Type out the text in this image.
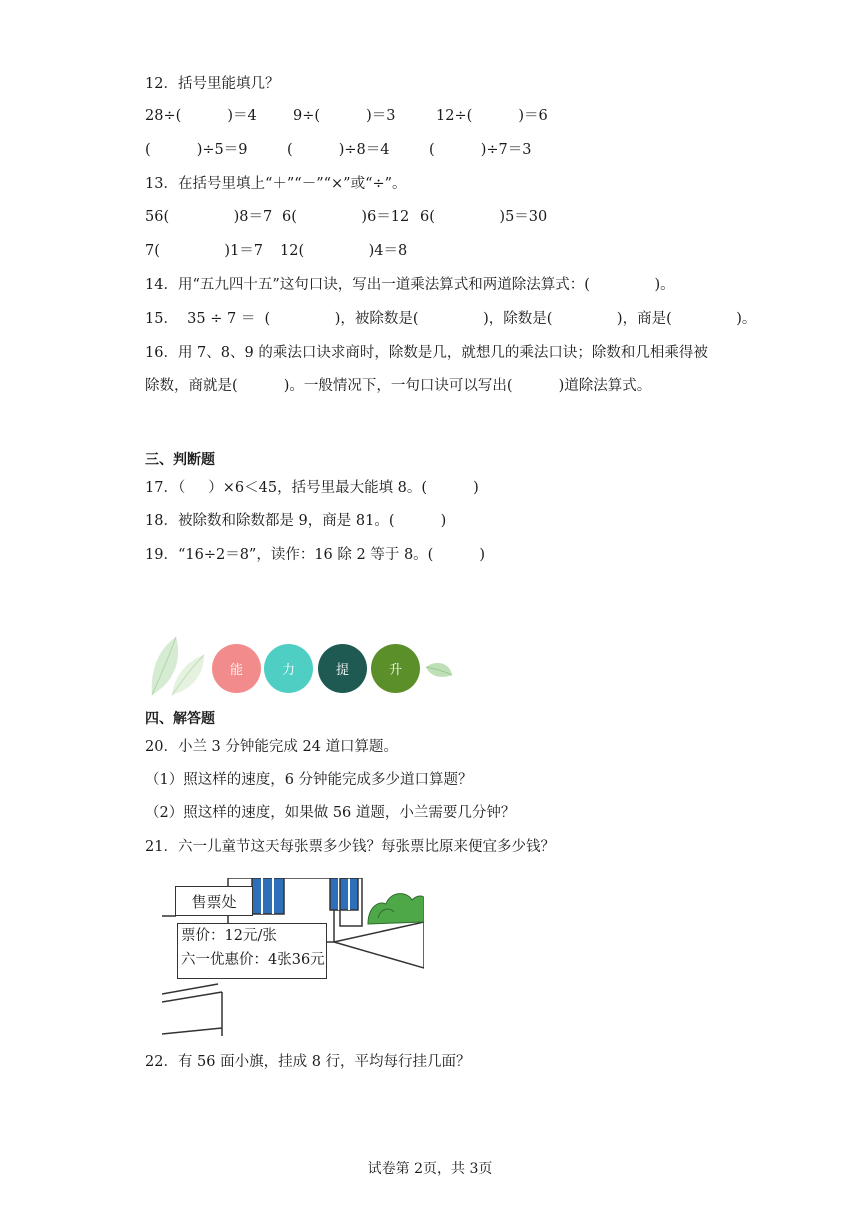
12．括号里能填几？
28÷(          )＝4	9÷(          )＝3	12÷(          )＝6
(          )÷5＝9	(          )÷8＝4	(          )÷7＝3
13．在括号里填上“＋”“－”“×”或“÷”。
56(              )8＝7 6(              )6＝12 6(              )5＝30
7(              )1＝7 12(              )4＝8
14．用“五九四十五”这句口诀，写出一道乘法算式和两道除法算式：(              )。
15．  35 ÷ 7 ＝  (              )，被除数是(              )，除数是(              )，商是(              )。
16．用 7、8、9 的乘法口诀求商时，除数是几，就想几的乘法口诀；除数和几相乘得被
除数，商就是(          )。一般情况下，一句口诀可以写出(          )道除法算式。
三、判断题
17．（     ）×6＜45，括号里最大能填 8。(          )
18．被除数和除数都是 9，商是 81。(          )
19．“16÷2＝8”，读作：16 除 2 等于 8。(          )
能	力	提	升
四、解答题
20．小兰 3 分钟能完成 24 道口算题。
（1）照这样的速度，6 分钟能完成多少道口算题？
（2）照这样的速度，如果做 56 道题，小兰需要几分钟？
21．六一儿童节这天每张票多少钱？每张票比原来便宜多少钱？
售票处
票价：12元/张
六一优惠价：4张36元
22．有 56 面小旗，挂成 8 行，平均每行挂几面？
试卷第 2页，共 3页
